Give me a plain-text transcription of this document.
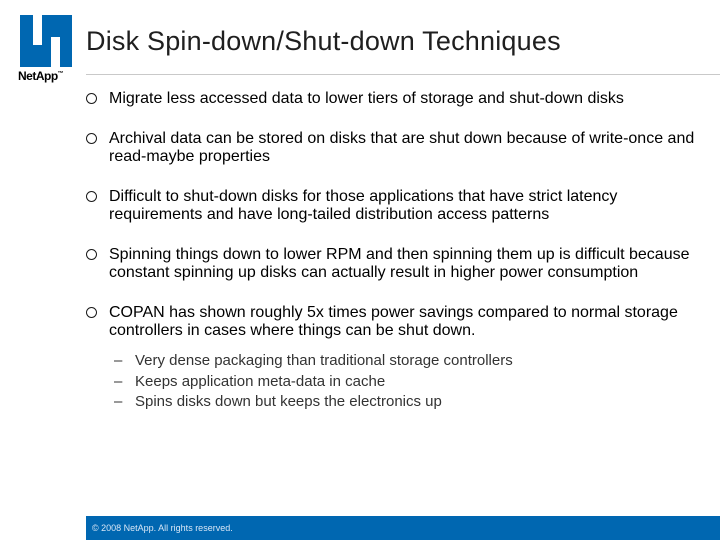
NetApp™
Disk Spin-down/Shut-down Techniques
Migrate less accessed data to lower tiers of storage and shut-down disks
Archival data can be stored on disks that are shut down because of write-once and read-maybe properties
Difficult to shut-down disks for those applications that have strict latency requirements and have long-tailed distribution access patterns
Spinning things down to lower RPM and then spinning them up is difficult because constant spinning up disks can actually result in higher power consumption
COPAN has shown roughly 5x times power savings compared to normal storage controllers in cases where things can be shut down.
– Very dense packaging than traditional storage controllers
– Keeps application meta-data in cache
– Spins disks down but keeps the electronics up
© 2008 NetApp. All rights reserved.
